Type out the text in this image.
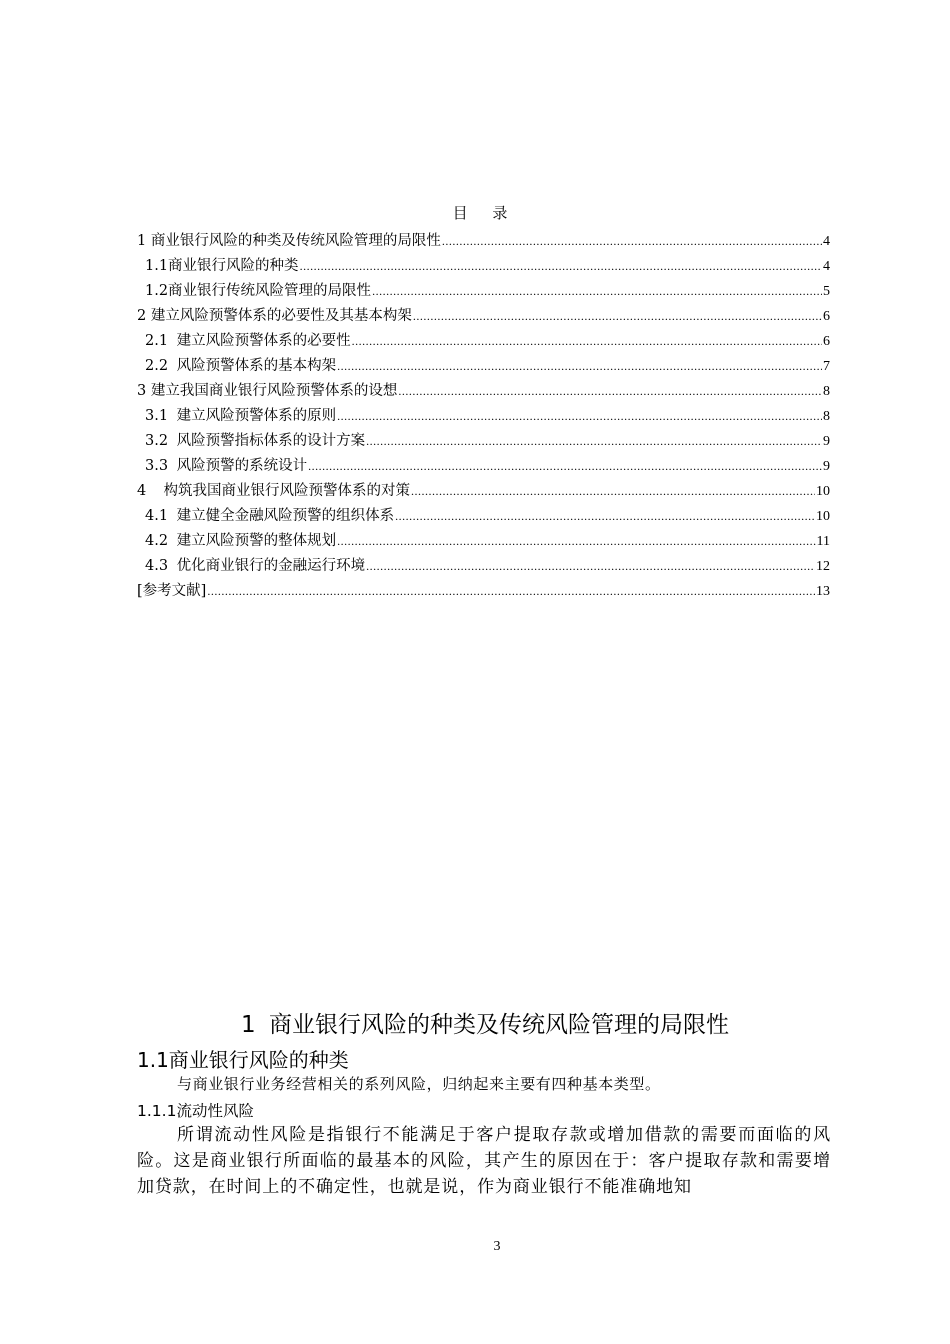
目 录
1 商业银行风险的种类及传统风险管理的局限性 .....	4
1.1商业银行风险的种类 .....	4
1.2商业银行传统风险管理的局限性 .....	5
2 建立风险预警体系的必要性及其基本构架 .....	6
2.1 建立风险预警体系的必要性 .....	6
2.2 风险预警体系的基本构架 .....	7
3 建立我国商业银行风险预警体系的设想 .....	8
3.1 建立风险预警体系的原则 .....	8
3.2 风险预警指标体系的设计方案 .....	9
3.3 风险预警的系统设计 .....	9
4  构筑我国商业银行风险预警体系的对策 .....	10
4.1 建立健全金融风险预警的组织体系 .....	10
4.2 建立风险预警的整体规划 .....	11
4.3 优化商业银行的金融运行环境 .....	12
[参考文献] .....	13
1 商业银行风险的种类及传统风险管理的局限性
1.1商业银行风险的种类
与商业银行业务经营相关的系列风险，归纳起来主要有四种基本类型。
1.1.1流动性风险
所谓流动性风险是指银行不能满足于客户提取存款或增加借款的需要而面临的风险。这是商业银行所面临的最基本的风险，其产生的原因在于：客户提取存款和需要增加贷款，在时间上的不确定性，也就是说，作为商业银行不能准确地知
3
